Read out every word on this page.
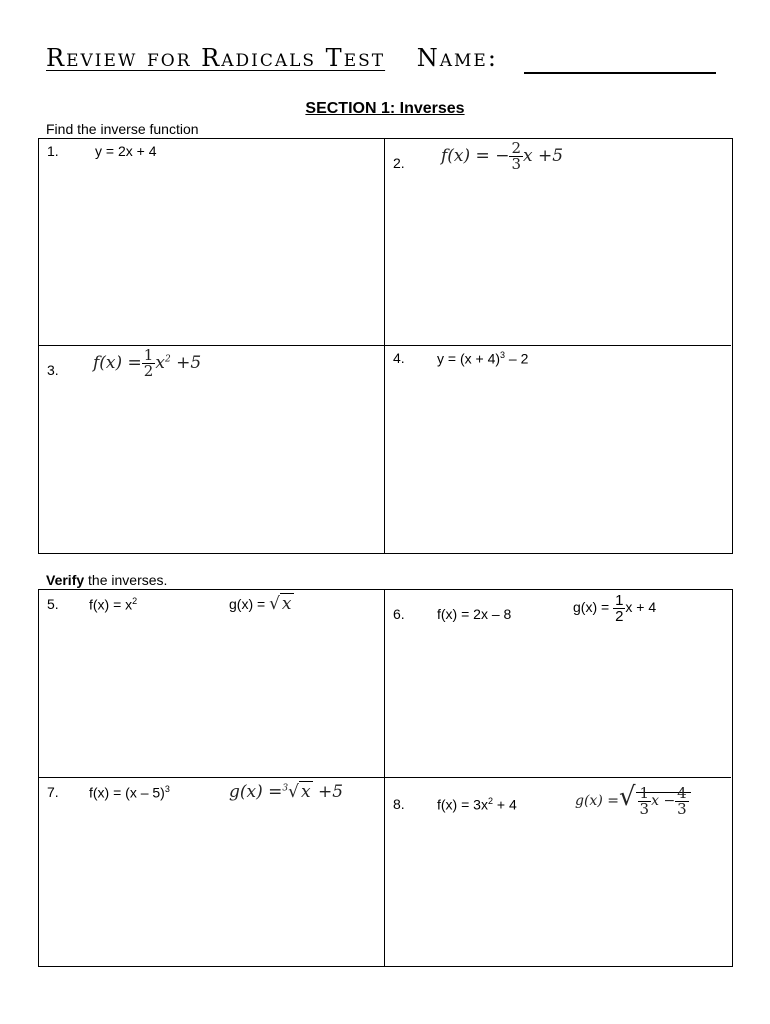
Review for Radicals Test Name:
SECTION 1: Inverses
Find the inverse function
1.	y = 2x + 4
2. f(x) = − $\frac{2}{3}$ x +5
3. $f(x) = \frac{1}{2} x^2 +5$	4. $y = (x + 4)^3 - 2$
Verify the inverses.
5. $f(x) = x^2$	g(x) = √ x	6. f(x) = 2x – 8	$g(x) = \frac{1}{2}$ x + 4
7. f(x) = (x – 5)$^3$	g(x) =$^3$√ x +5
8. $f(x) = 3x^2 + 4$	g(x) =√ $\frac{1}{3}$ $x - \frac{4}{3}$
